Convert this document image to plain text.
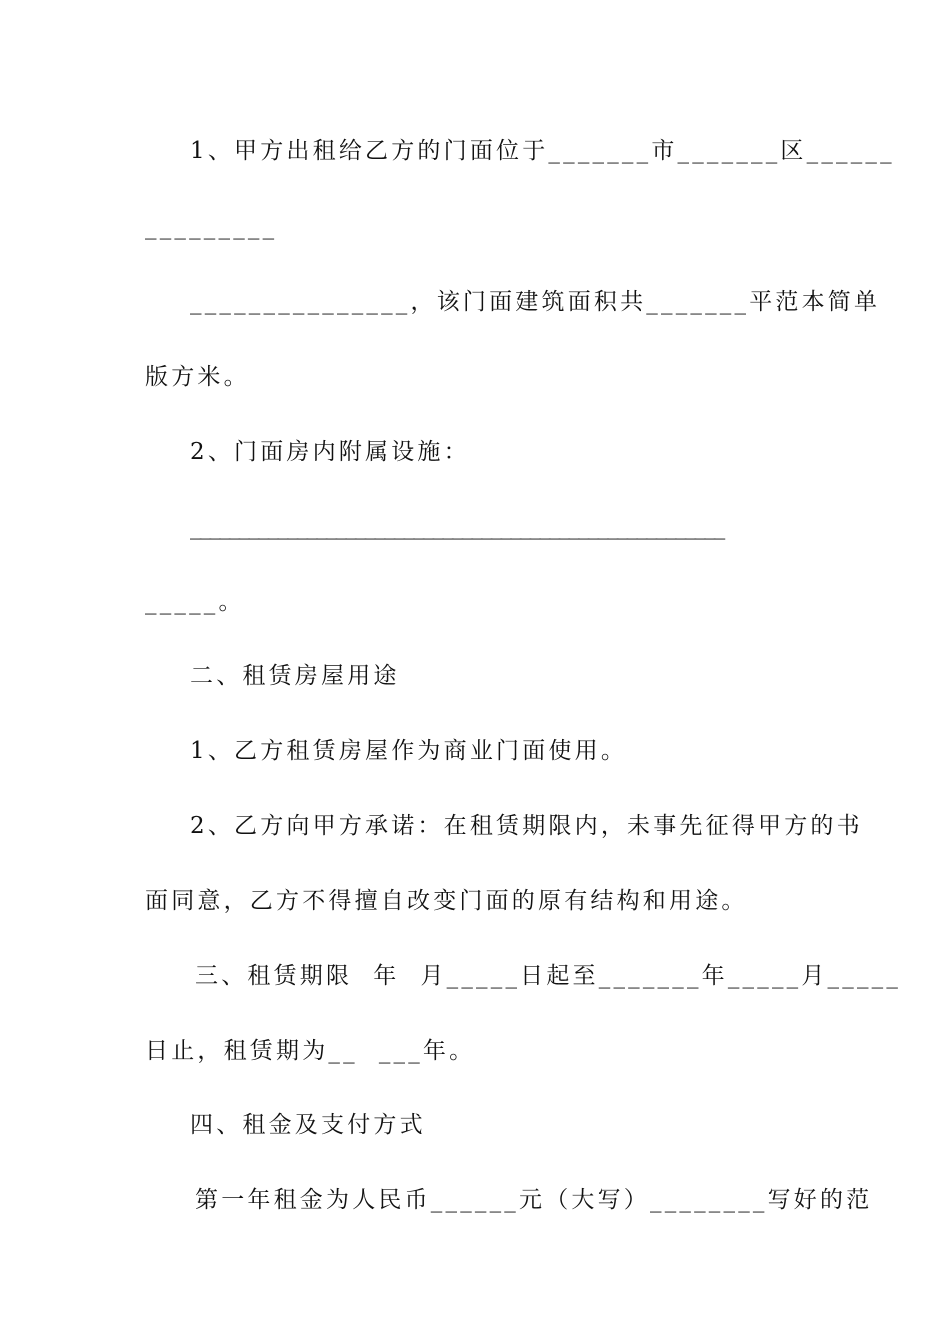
1、甲方出租给乙方的门面位于_______市_______区______
_________
_______________，该门面建筑面积共_______平范本简单
版方米。
2、门面房内附属设施：
_______________________________________________________
_____。
二、租赁房屋用途
1、乙方租赁房屋作为商业门面使用。
2、乙方向甲方承诺：在租赁期限内，未事先征得甲方的书
面同意，乙方不得擅自改变门面的原有结构和用途。
三、租赁期限  年  月_____日起至_______年_____月_____
日止，租赁期为__  ___年。
四、租金及支付方式
第一年租金为人民币______元（大写）________写好的范
